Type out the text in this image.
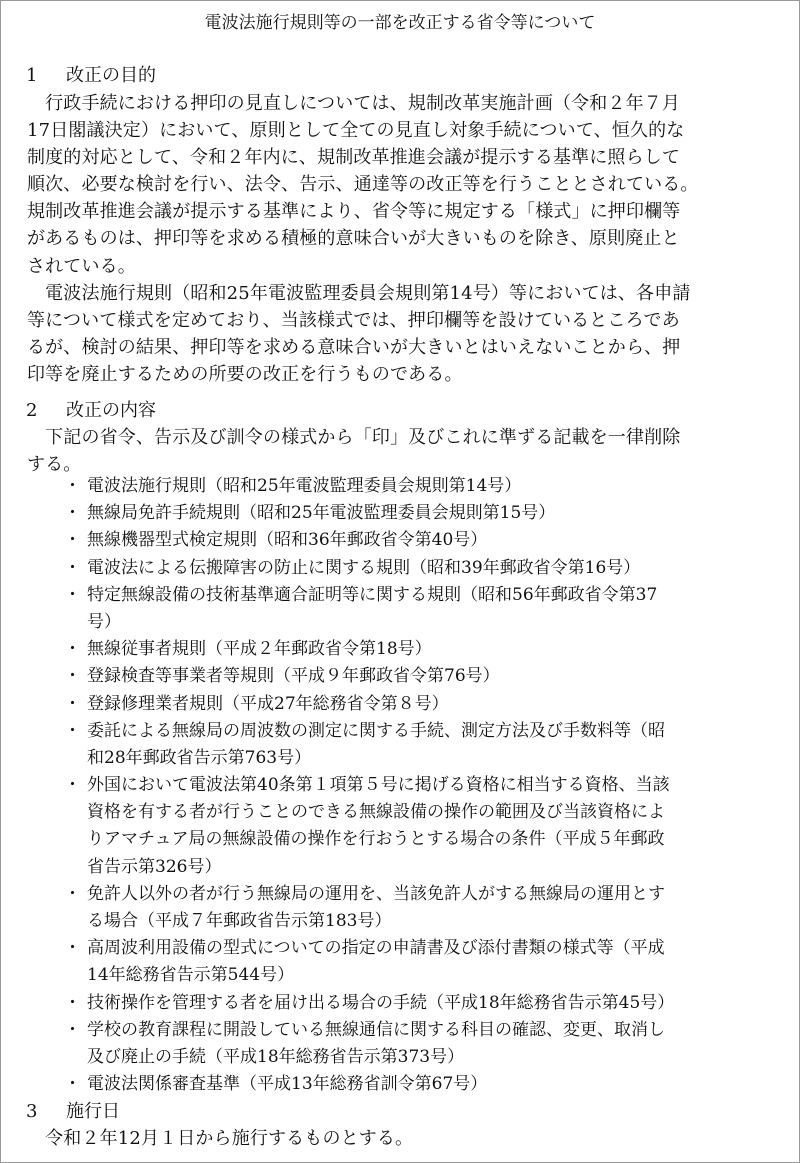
電波法施行規則等の一部を改正する省令等について
1 改正の目的
　行政手続における押印の見直しについては、規制改革実施計画（令和２年７月
17日閣議決定）において、原則として全ての見直し対象手続について、恒久的な
制度的対応として、令和２年内に、規制改革推進会議が提示する基準に照らして
順次、必要な検討を行い、法令、告示、通達等の改正等を行うこととされている。
規制改革推進会議が提示する基準により、省令等に規定する「様式」に押印欄等
があるものは、押印等を求める積極的意味合いが大きいものを除き、原則廃止と
されている。
　電波法施行規則（昭和25年電波監理委員会規則第14号）等においては、各申請
等について様式を定めており、当該様式では、押印欄等を設けているところであ
るが、検討の結果、押印等を求める意味合いが大きいとはいえないことから、押
印等を廃止するための所要の改正を行うものである。
2 改正の内容
　下記の省令、告示及び訓令の様式から「印」及びこれに準ずる記載を一律削除
する。
・ 電波法施行規則（昭和25年電波監理委員会規則第14号）
・ 無線局免許手続規則（昭和25年電波監理委員会規則第15号）
・ 無線機器型式検定規則（昭和36年郵政省令第40号）
・ 電波法による伝搬障害の防止に関する規則（昭和39年郵政省令第16号）
・ 特定無線設備の技術基準適合証明等に関する規則（昭和56年郵政省令第37
号）
・ 無線従事者規則（平成２年郵政省令第18号）
・ 登録検査等事業者等規則（平成９年郵政省令第76号）
・ 登録修理業者規則（平成27年総務省令第８号）
・ 委託による無線局の周波数の測定に関する手続、測定方法及び手数料等（昭
和28年郵政省告示第763号）
・ 外国において電波法第40条第１項第５号に掲げる資格に相当する資格、当該
資格を有する者が行うことのできる無線設備の操作の範囲及び当該資格によ
りアマチュア局の無線設備の操作を行おうとする場合の条件（平成５年郵政
省告示第326号）
・ 免許人以外の者が行う無線局の運用を、当該免許人がする無線局の運用とす
る場合（平成７年郵政省告示第183号）
・ 高周波利用設備の型式についての指定の申請書及び添付書類の様式等（平成
14年総務省告示第544号）
・ 技術操作を管理する者を届け出る場合の手続（平成18年総務省告示第45号）
・ 学校の教育課程に開設している無線通信に関する科目の確認、変更、取消し
及び廃止の手続（平成18年総務省告示第373号）
・ 電波法関係審査基準（平成13年総務省訓令第67号）
3 施行日
　令和２年12月１日から施行するものとする。
